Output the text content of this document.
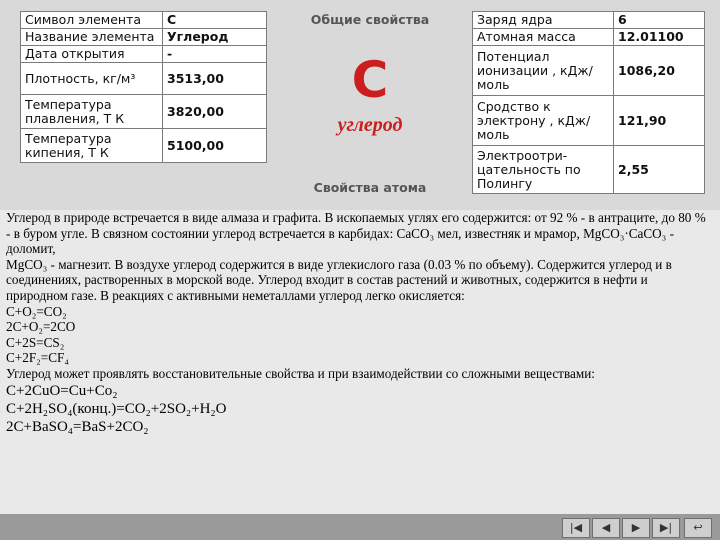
Символ элемента	C
Название элемента	Углерод
Дата открытия	-
Плотность, кг/м³	3513,00
Температура плавления, Т К	3820,00
Температура кипения, Т К	5100,00
Общие свойства
C
углерод
Свойства атома
Заряд ядра	6
Атомная масса	12.01100
Потенциал ионизации , кДж/моль	1086,20
Сродство к электрону , кДж/моль	121,90
Электроотри-цательность по Полингу	2,55

Углерод в природе встречается в виде алмаза и графита. В ископаемых углях его содержится: от 92 % - в антраците, до 80 % - в буром угле. В связном состоянии углерод встречается в карбидах: CaCO₃ мел, известняк и мрамор, MgCO₃·CaCO₃ - доломит,

MgCO₃ - магнезит. В воздухе углерод содержится в виде углекислого газа (0.03 % по объему). Содержится углерод и в соединениях, растворенных в морской воде. Углерод входит в состав растений и животных, содержится в нефти и природном газе. В реакциях с активными неметаллами углерод легко окисляется:

C+O₂=CO₂

2C+O₂=2CO

C+2S=CS₂

C+2F₂=CF₄

Углерод может проявлять восстановительные свойства и при взаимодействии со сложными веществами:

C+2CuO=Cu+Co₂

C+2H₂SO₄(конц.)=CO₂+2SO₂+H₂O

2C+BaSO₄=BaS+2CO₂

|◀	◀	▶	▶|	↩
